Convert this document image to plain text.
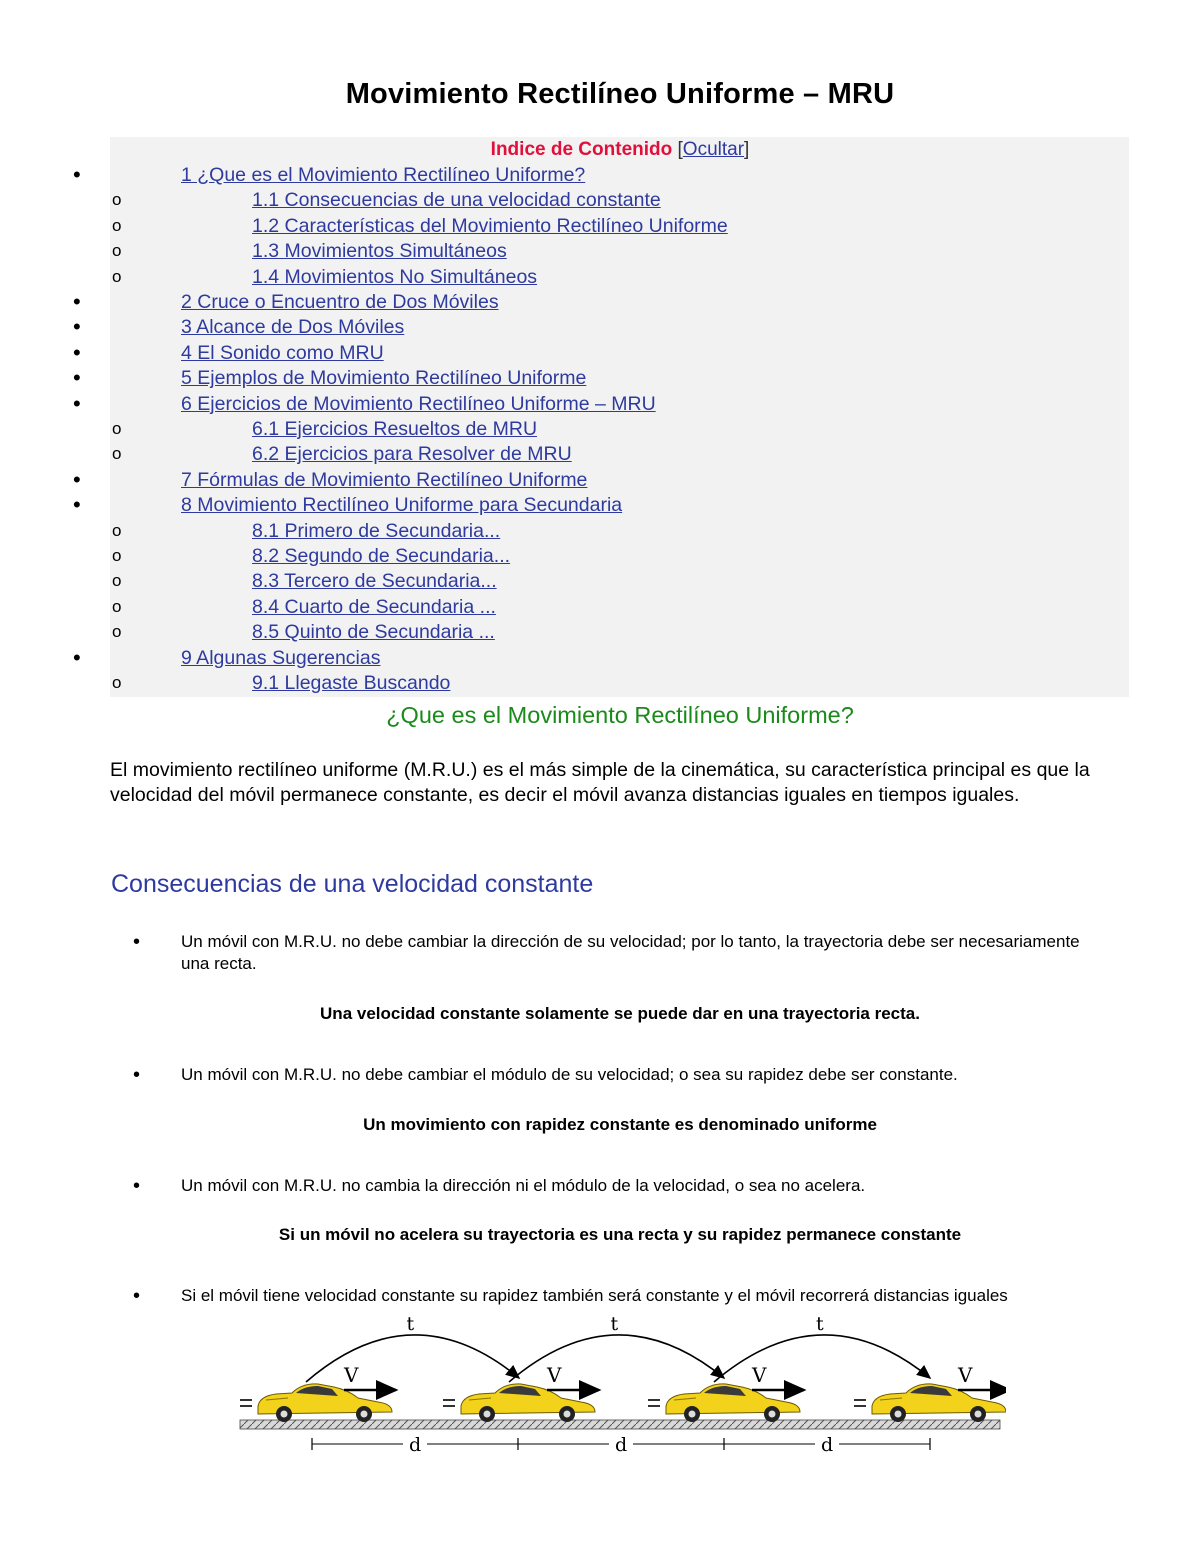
Movimiento Rectilíneo Uniforme – MRU
Indice de Contenido [Ocultar]
•	1 ¿Que es el Movimiento Rectilíneo Uniforme?
o	1.1 Consecuencias de una velocidad constante
o	1.2 Características del Movimiento Rectilíneo Uniforme
o	1.3 Movimientos Simultáneos
o	1.4 Movimientos No Simultáneos
•	2 Cruce o Encuentro de Dos Móviles
•	3 Alcance de Dos Móviles
•	4 El Sonido como MRU
•	5 Ejemplos de Movimiento Rectilíneo Uniforme
•	6 Ejercicios de Movimiento Rectilíneo Uniforme – MRU
o	6.1 Ejercicios Resueltos de MRU
o	6.2 Ejercicios para Resolver de MRU
•	7 Fórmulas de Movimiento Rectilíneo Uniforme
•	8 Movimiento Rectilíneo Uniforme para Secundaria
o	8.1 Primero de Secundaria...
o	8.2 Segundo de Secundaria...
o	8.3 Tercero de Secundaria...
o	8.4 Cuarto de Secundaria ...
o	8.5 Quinto de Secundaria ...
•	9 Algunas Sugerencias
o	9.1 Llegaste Buscando
¿Que es el Movimiento Rectilíneo Uniforme?
El movimiento rectilíneo uniforme (M.R.U.) es el más simple de la cinemática, su característica principal es que la velocidad del móvil permanece constante, es decir el móvil avanza distancias iguales en tiempos iguales.
Consecuencias de una velocidad constante
•	Un móvil con M.R.U. no debe cambiar la dirección de su velocidad; por lo tanto, la trayectoria debe ser necesariamente una recta.
Una velocidad constante solamente se puede dar en una trayectoria recta.
•	Un móvil con M.R.U. no debe cambiar el módulo de su velocidad; o sea su rapidez debe ser constante.
Un movimiento con rapidez constante es denominado uniforme
•	Un móvil con M.R.U. no cambia la dirección ni el módulo de la velocidad, o sea no acelera.
Si un móvil no acelera su trayectoria es una recta y su rapidez permanece constante
•	Si el móvil tiene velocidad constante su rapidez también será constante y el móvil recorrerá distancias iguales
t	t	t
V	V	V	V
d	d	d
